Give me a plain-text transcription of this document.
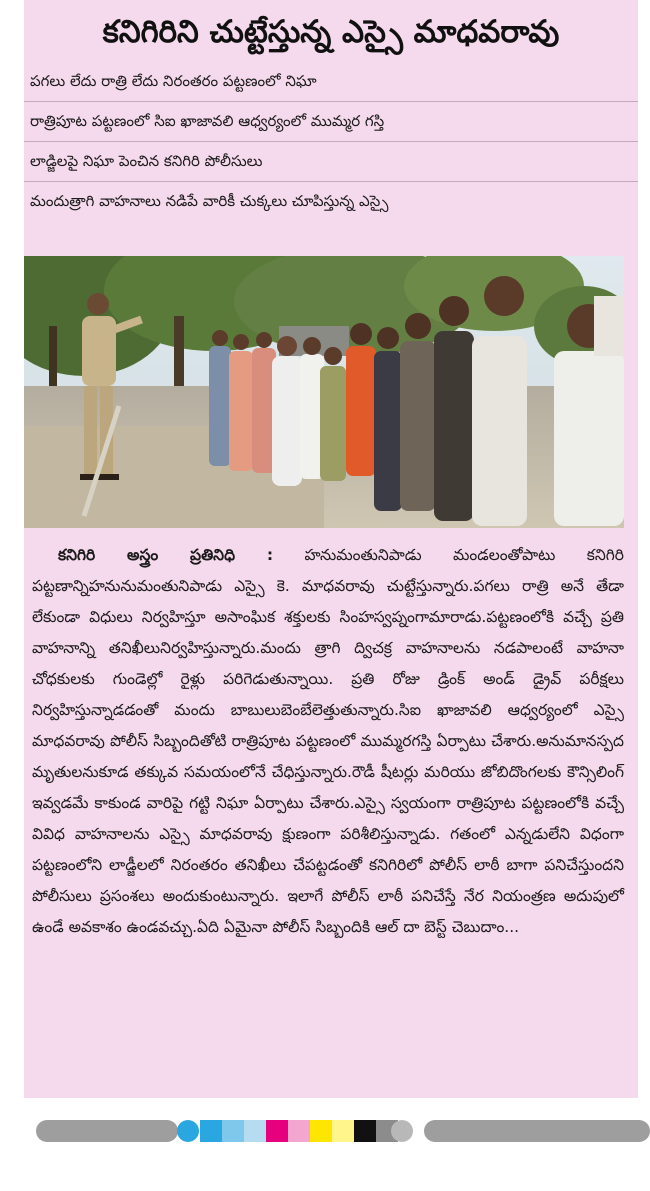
కనిగిరిని చుట్టేస్తున్న ఎస్సై మాధవరావు
పగలు లేదు రాత్రి లేదు నిరంతరం పట్టణంలో నిఘా
రాత్రిపూట పట్టణంలో సిఐ ఖాజావలి ఆధ్వర్యంలో ముమ్మర గస్తి
లాడ్జిలపై నిఘా పెంచిన కనిగిరి పోలీసులు
మందుత్రాగి వాహనాలు నడిపే వారికీ చుక్కలు చూపిస్తున్న ఎస్సై

కనిగిరి అస్త్రం ప్రతినిధి : హనుమంతునిపాడు మండలంతోపాటు కనిగిరి పట్టణాన్నిహనునుమంతునిపాడు ఎస్సై కె. మాధవరావు చుట్టేస్తున్నారు.పగలు రాత్రి అనే తేడా లేకుండా విధులు నిర్వహిస్తూ అసాంఘిక శక్తులకు సింహస్వప్నంగామారాడు.పట్టణంలోకి వచ్చే ప్రతి వాహనాన్ని తనిఖీలునిర్వహిస్తున్నారు.మందు త్రాగి ద్విచక్ర వాహనాలను నడపాలంటే వాహనా చోధకులకు గుండెల్లో రైళ్లు పరిగెడుతున్నాయి. ప్రతి రోజు డ్రింక్ అండ్ డ్రైవ్ పరీక్షలు నిర్వహిస్తున్నాడడంతో మందు బాబులుబెంబేలెత్తుతున్నారు.సిఐ ఖాజావలి ఆధ్వర్యంలో ఎస్సై మాధవరావు పోలీస్ సిబ్బందితోటి రాత్రిపూట పట్టణంలో ముమ్మరగస్తి ఏర్పాటు చేశారు.అనుమానస్పద మృతులనుకూడ తక్కువ సమయంలోనే చేధిస్తున్నారు.రౌడీ షీటర్లు మరియు జోబిదొంగలకు కౌన్సిలింగ్ ఇవ్వడమే కాకుండ వారిపై గట్టి నిఘా ఏర్పాటు చేశారు.ఎస్సై స్వయంగా రాత్రిపూట పట్టణంలోకి వచ్చే వివిధ వాహనాలను ఎస్సై మాధవరావు క్షుణంగా పరిశీలిస్తున్నాడు. గతంలో ఎన్నడులేని విధంగా పట్టణంలోని లాడ్జీలలో నిరంతరం తనిఖీలు చేపట్టడంతో కనిగిరిలో పోలీస్ లాఠీ బాగా పనిచేస్తుందని పోలీసులు ప్రసంశలు అందుకుంటున్నారు. ఇలాగే పోలీస్ లాఠీ పనిచేస్తే నేర నియంత్రణ అదుపులో ఉండే అవకాశం ఉండవచ్చు.ఏది ఏమైనా పోలీస్ సిబ్బందికి ఆల్ దా బెస్ట్ చెబుదాం...
